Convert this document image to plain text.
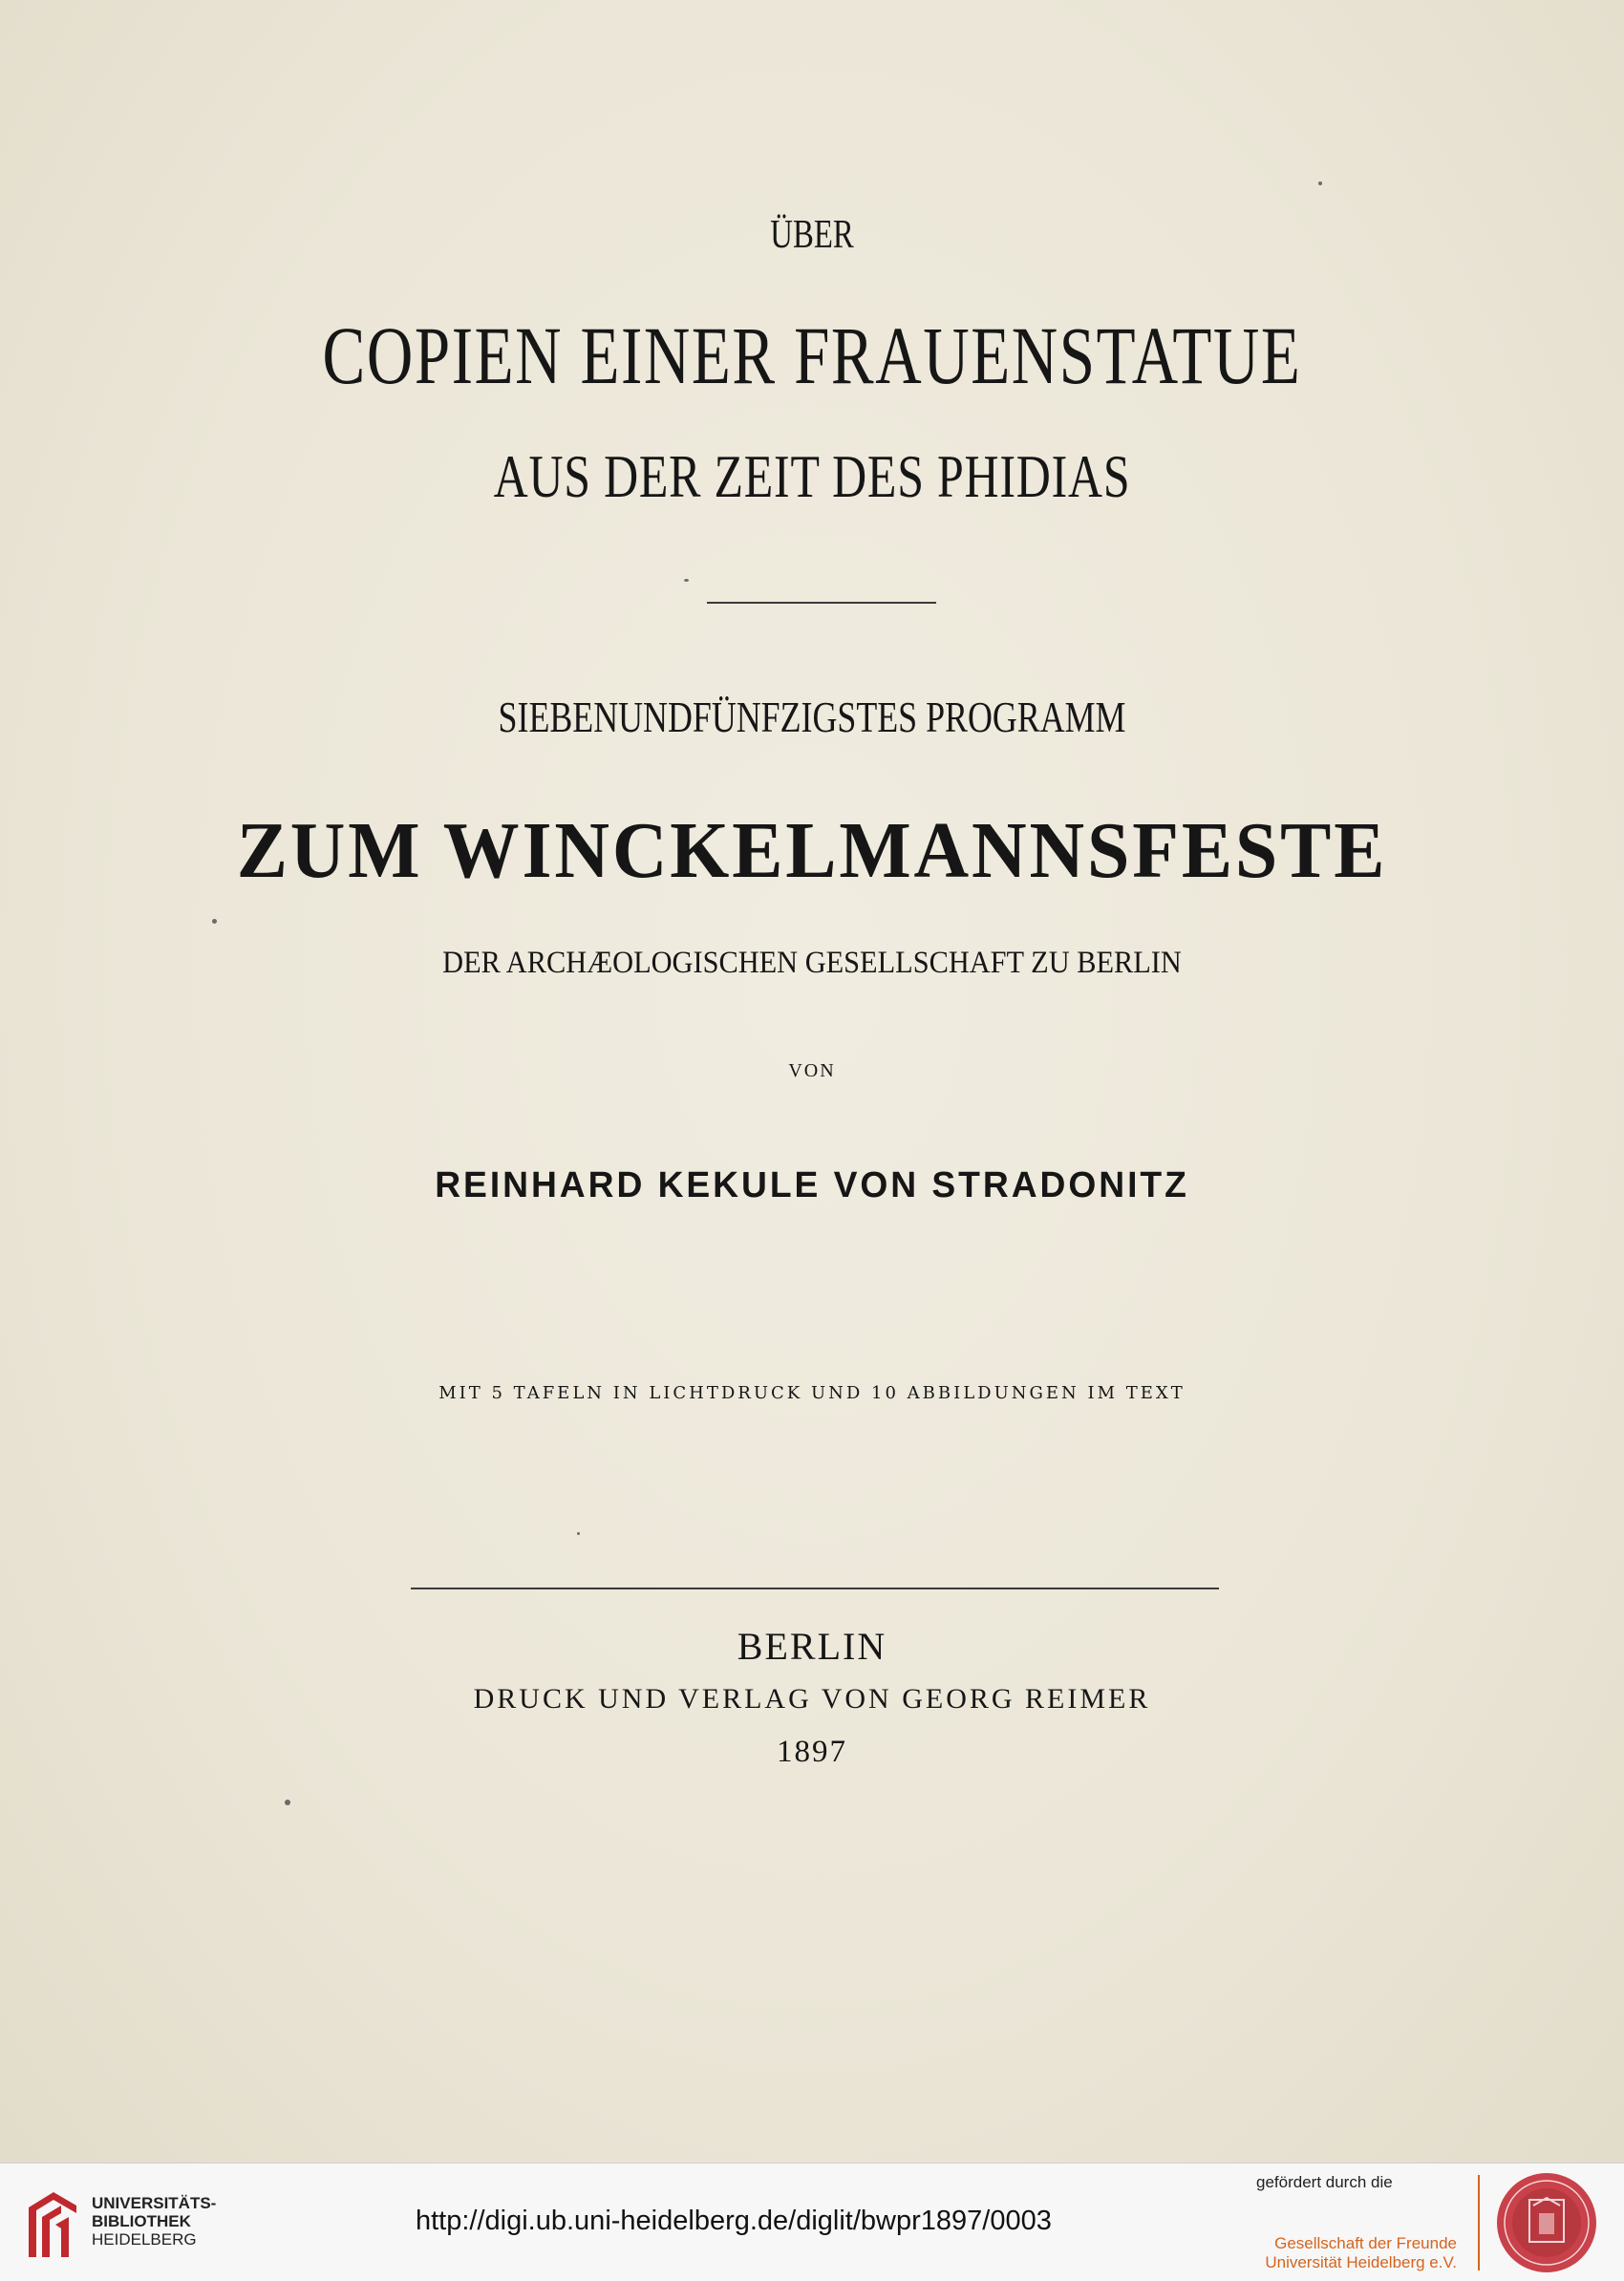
ÜBER
COPIEN EINER FRAUENSTATUE
AUS DER ZEIT DES PHIDIAS
SIEBENUNDFÜNFZIGSTES PROGRAMM
ZUM WINCKELMANNSFESTE
DER ARCHÆOLOGISCHEN GESELLSCHAFT ZU BERLIN
VON
REINHARD KEKULE VON STRADONITZ
MIT 5 TAFELN IN LICHTDRUCK UND 10 ABBILDUNGEN IM TEXT
BERLIN
DRUCK UND VERLAG VON GEORG REIMER
1897
UNIVERSITÄTS-
BIBLIOTHEK
HEIDELBERG
http://digi.ub.uni-heidelberg.de/diglit/bwpr1897/0003
gefördert durch die
Gesellschaft der Freunde
Universität Heidelberg e.V.
